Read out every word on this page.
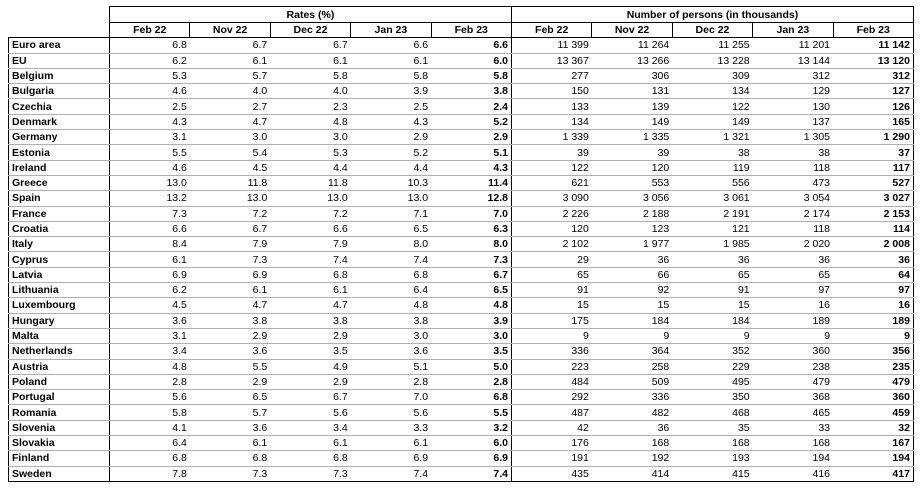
	Rates (%)					Number of persons (in thousands)				
	Feb 22	Nov 22	Dec 22	Jan 23	Feb 23	Feb 22	Nov 22	Dec 22	Jan 23	Feb 23
Euro area	6.8	6.7	6.7	6.6	6.6	11 399	11 264	11 255	11 201	11 142
EU	6.2	6.1	6.1	6.1	6.0	13 367	13 266	13 228	13 144	13 120
Belgium	5.3	5.7	5.8	5.8	5.8	277	306	309	312	312
Bulgaria	4.6	4.0	4.0	3.9	3.8	150	131	134	129	127
Czechia	2.5	2.7	2.3	2.5	2.4	133	139	122	130	126
Denmark	4.3	4.7	4.8	4.3	5.2	134	149	149	137	165
Germany	3.1	3.0	3.0	2.9	2.9	1 339	1 335	1 321	1 305	1 290
Estonia	5.5	5.4	5.3	5.2	5.1	39	39	38	38	37
Ireland	4.6	4.5	4.4	4.4	4.3	122	120	119	118	117
Greece	13.0	11.8	11.8	10.3	11.4	621	553	556	473	527
Spain	13.2	13.0	13.0	13.0	12.8	3 090	3 056	3 061	3 054	3 027
France	7.3	7.2	7.2	7.1	7.0	2 226	2 188	2 191	2 174	2 153
Croatia	6.6	6.7	6.6	6.5	6.3	120	123	121	118	114
Italy	8.4	7.9	7.9	8.0	8.0	2 102	1 977	1 985	2 020	2 008
Cyprus	6.1	7.3	7.4	7.4	7.3	29	36	36	36	36
Latvia	6.9	6.9	6.8	6.8	6.7	65	66	65	65	64
Lithuania	6.2	6.1	6.1	6.4	6.5	91	92	91	97	97
Luxembourg	4.5	4.7	4.7	4.8	4.8	15	15	15	16	16
Hungary	3.6	3.8	3.8	3.8	3.9	175	184	184	189	189
Malta	3.1	2.9	2.9	3.0	3.0	9	9	9	9	9
Netherlands	3.4	3.6	3.5	3.6	3.5	336	364	352	360	356
Austria	4.8	5.5	4.9	5.1	5.0	223	258	229	238	235
Poland	2.8	2.9	2.9	2.8	2.8	484	509	495	479	479
Portugal	5.6	6.5	6.7	7.0	6.8	292	336	350	368	360
Romania	5.8	5.7	5.6	5.6	5.5	487	482	468	465	459
Slovenia	4.1	3.6	3.4	3.3	3.2	42	36	35	33	32
Slovakia	6.4	6.1	6.1	6.1	6.0	176	168	168	168	167
Finland	6.8	6.8	6.8	6.9	6.9	191	192	193	194	194
Sweden	7.8	7.3	7.3	7.4	7.4	435	414	415	416	417
